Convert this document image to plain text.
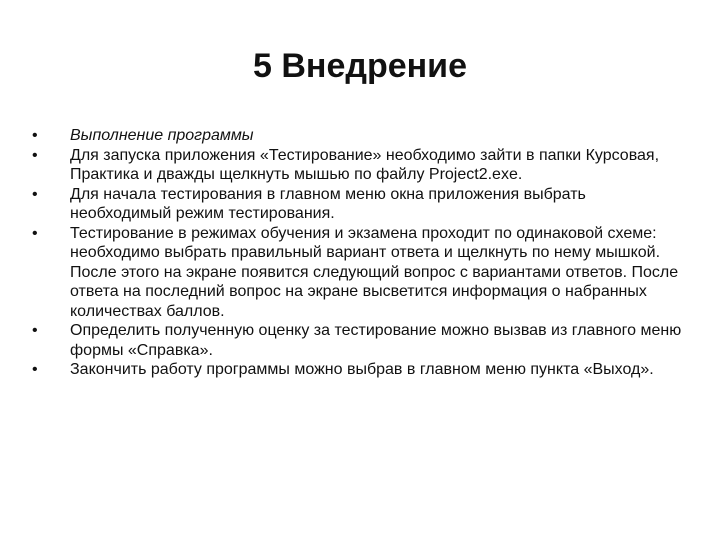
5 Внедрение
•	Выполнение программы
•	Для запуска приложения «Тестирование» необходимо зайти в папки Курсовая, Практика и дважды щелкнуть мышью по файлу Project2.exe.
•	Для начала тестирования в главном меню окна приложения выбрать необходимый режим тестирования.
•	Тестирование в режимах обучения и экзамена проходит по одинаковой схеме: необходимо выбрать правильный вариант ответа и щелкнуть по нему мышкой. После этого на экране появится следующий вопрос с вариантами ответов. После ответа на последний вопрос на экране высветится информация о набранных количествах баллов.
•	Определить полученную оценку за тестирование можно вызвав из главного меню формы «Справка».
•	Закончить работу программы можно выбрав в главном меню пункта «Выход».
